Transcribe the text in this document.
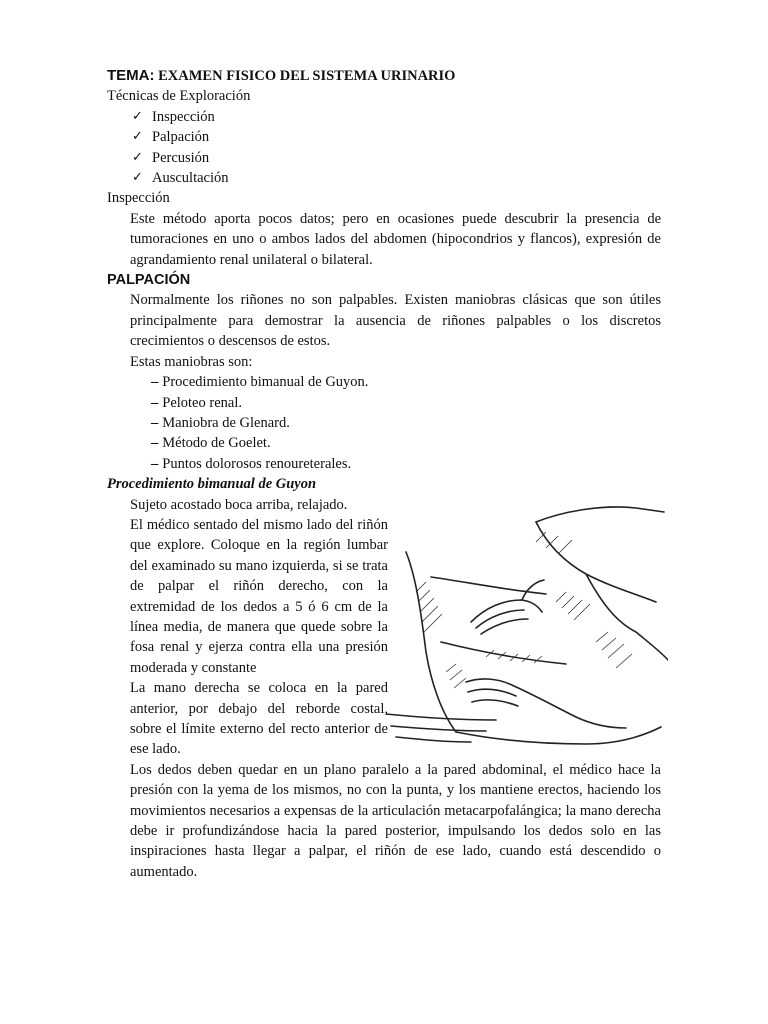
TEMA: EXAMEN FISICO DEL SISTEMA URINARIO
Técnicas de Exploración
✓ Inspección
✓ Palpación
✓ Percusión
✓ Auscultación
Inspección
Este método aporta pocos datos; pero en ocasiones puede descubrir la presencia de tumoraciones en uno o ambos lados del abdomen (hipocondrios y flancos), expresión de agrandamiento renal unilateral o bilateral.
PALPACIÓN
Normalmente los riñones no son palpables. Existen maniobras clásicas que son útiles principalmente para demostrar la ausencia de riñones palpables o los discretos crecimientos o descensos de estos.
Estas maniobras son:
– Procedimiento bimanual de Guyon.
– Peloteo renal.
– Maniobra de Glenard.
– Método de Goelet.
– Puntos dolorosos renoureterales.
Procedimiento bimanual de Guyon
Sujeto acostado boca arriba, relajado.
El médico sentado del mismo lado del riñón que explore. Coloque en la región lumbar del examinado su mano izquierda, si se trata de palpar el riñón derecho, con la extremidad de los dedos a 5 ó 6 cm de la línea media, de manera que quede sobre la fosa renal y ejerza contra ella una presión moderada y constante
La mano derecha se coloca en la pared anterior, por debajo del reborde costal, sobre el límite externo del recto anterior de ese lado.
Los dedos deben quedar en un plano paralelo a la pared abdominal, el médico hace la presión con la yema de los mismos, no con la punta, y los mantiene erectos, haciendo los movimientos necesarios a expensas de la articulación metacarpofalángica; la mano derecha debe ir profundizándose hacia la pared posterior, impulsando los dedos solo en las inspiraciones hasta llegar a palpar, el riñón de ese lado, cuando está descendido o aumentado.
